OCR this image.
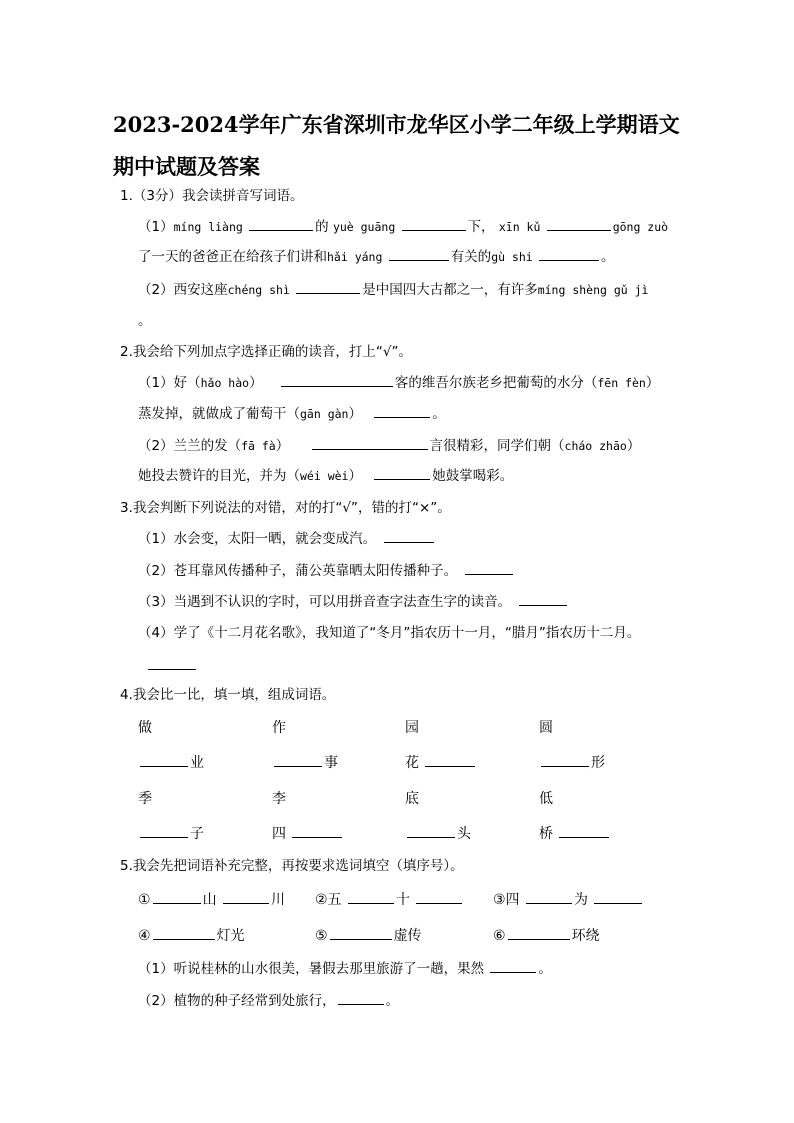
2023-2024学年广东省深圳市龙华区小学二年级上学期语文期中试题及答案
1.（3分）我会读拼音写词语。
（1）míng liàng	的 yuè guāng	下， xīn kǔ	gōng zuò
了一天的爸爸正在给孩子们讲和hǎi yáng	有关的gù shi	。
（2）西安这座chéng shì	是中国四大古都之一，有许多míng shèng gǔ jì
。
2.我会给下列加点字选择正确的读音，打上“√”。
（1）好（hǎo hào）	客的维吾尔族老乡把葡萄的水分（fēn fèn）
蒸发掉，就做成了葡萄干（gān gàn）	。
（2）兰兰的发（fā fà）	言很精彩，同学们朝（cháo zhāo）
她投去赞许的目光，并为（wéi wèi）	她鼓掌喝彩。
3.我会判断下列说法的对错，对的打“√”，错的打“×”。
（1）水会变，太阳一晒，就会变成汽。
（2）苍耳靠风传播种子，蒲公英靠晒太阳传播种子。
（3）当遇到不认识的字时，可以用拼音查字法查生字的读音。
（4）学了《十二月花名歌》，我知道了“冬月”指农历十一月，“腊月”指农历十二月。
4.我会比一比，填一填，组成词语。
做	作	园	圆
业	事	花	形
季	李	底	低
子	四	头	桥
5.我会先把词语补充完整，再按要求选词填空（填序号）。
①	山	川 ②五	十	③四	为
④	灯光	⑤	虚传	⑥	环绕
（1）听说桂林的山水很美，暑假去那里旅游了一趟，果然	。
（2）植物的种子经常到处旅行，	。
